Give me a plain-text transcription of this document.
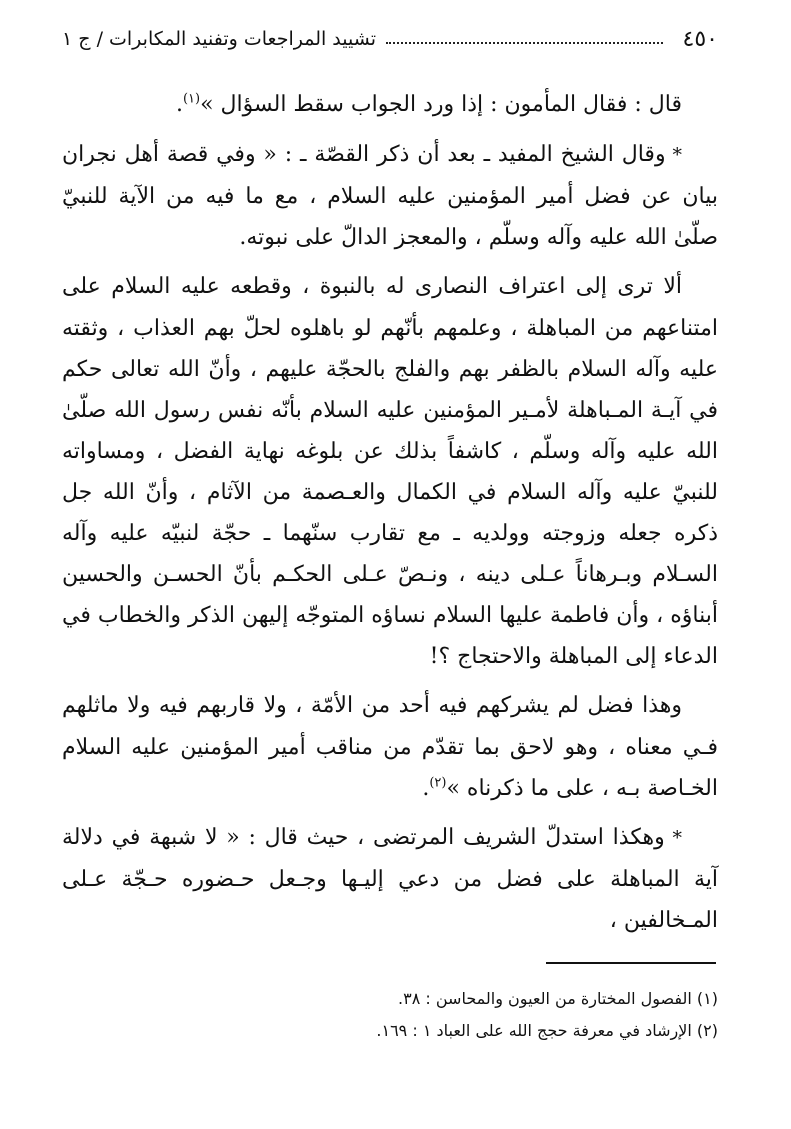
٤٥٠
تشييد المراجعات وتفنيد المكابرات / ج ١

قال : فقال المأمون : إذا ورد الجواب سقط السؤال »$^{(١)}$.

* وقال الشيخ المفيد ـ بعد أن ذكر القصّة ـ : « وفي قصة أهل نجران بيان عن فضل أمير المؤمنين عليه السلام ، مع ما فيه من الآية للنبيّ صلّىٰ الله عليه وآله وسلّم ، والمعجز الدالّ على نبوته.

ألا ترى إلى اعتراف النصارى له بالنبوة ، وقطعه عليه السلام على امتناعهم من المباهلة ، وعلمهم بأنّهم لو باهلوه لحلّ بهم العذاب ، وثقته عليه وآله السلام بالظفر بهم والفلج بالحجّة عليهم ، وأنّ الله تعالى حكم في آيـة المـباهلة لأمـير المؤمنين عليه السلام بأنّه نفس رسول الله صلّىٰ الله عليه وآله وسلّم ، كاشفاً بذلك عن بلوغه نهاية الفضل ، ومساواته للنبيّ عليه وآله السلام في الكمال والعـصمة من الآثام ، وأنّ الله جل ذكره جعله وزوجته وولديه ـ مع تقارب سنّهما ـ حجّة لنبيّه عليه وآله السـلام وبـرهاناً عـلى دينه ، ونـصّ عـلى الحكـم بأنّ الحسـن والحسين أبناؤه ، وأن فاطمة عليها السلام نساؤه المتوجّه إليهن الذكر والخطاب في الدعاء إلى المباهلة والاحتجاج ؟!

وهذا فضل لم يشركهم فيه أحد من الأمّة ، ولا قاربهم فيه ولا ماثلهم فـي معناه ، وهو لاحق بما تقدّم من مناقب أمير المؤمنين عليه السلام الخـاصة بـه ، على ما ذكرناه »$^{(٢)}$.

* وهكذا استدلّ الشريف المرتضى ، حيث قال : « لا شبهة في دلالة آية المباهلة على فضل من دعي إليـها وجـعل حـضوره حـجّة عـلى المـخالفين ،

(١) الفصول المختارة من العيون والمحاسن : ٣٨.
(٢) الإرشاد في معرفة حجج الله على العباد ١ : ١٦٩.
